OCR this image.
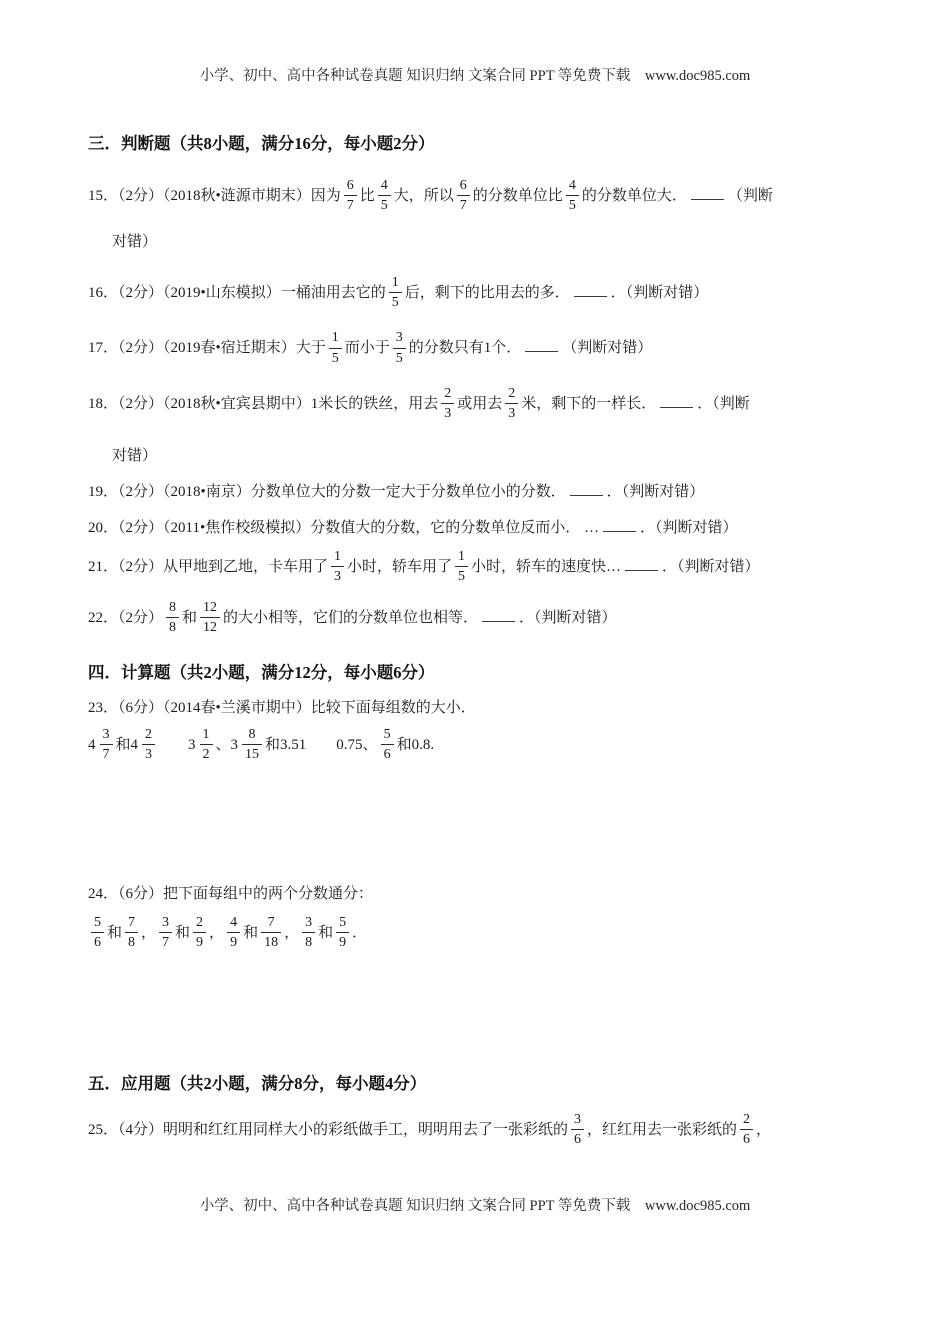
小学、初中、高中各种试卷真题 知识归纳 文案合同 PPT 等免费下载　www.doc985.com
三．判断题（共8小题，满分16分，每小题2分）

15．（2分）（2018秋•涟源市期末）因为 $\frac{6}{7}$ 比 $\frac{4}{5}$ 大，所以 $\frac{6}{7}$ 的分数单位比 $\frac{4}{5}$ 的分数单位大．	（判断

对错）

16．（2分）（2019•山东模拟）一桶油用去它的 $\frac{1}{5}$ 后，剩下的比用去的多．	．（判断对错）

17．（2分）（2019春•宿迁期末）大于 $\frac{1}{5}$ 而小于 $\frac{3}{5}$ 的分数只有1个．	（判断对错）

18．（2分）（2018秋•宜宾县期中）1米长的铁丝，用去 $\frac{2}{3}$ 或用去 $\frac{2}{3}$ 米，剩下的一样长．	．（判断

对错）

19．（2分）（2018•南京）分数单位大的分数一定大于分数单位小的分数．	．（判断对错）

20．（2分）（2011•焦作校级模拟）分数值大的分数，它的分数单位反而小． …	．（判断对错）

21．（2分）从甲地到乙地，卡车用了 $\frac{1}{3}$ 小时，轿车用了 $\frac{1}{5}$ 小时，轿车的速度快…	．（判断对错）

22．（2分） $\frac{8}{8}$ 和 $\frac{12}{12}$ 的大小相等，它们的分数单位也相等．	．（判断对错）

四．计算题（共2小题，满分12分，每小题6分）

23．（6分）（2014春•兰溪市期中）比较下面每组数的大小．

$4 \frac{3}{7}$ 和$4 \frac{2}{3}$
　　 $3 \frac{1}{2}$ 、$3 \frac{8}{15}$ 和3.51　　0.75、 $\frac{5}{6}$ 和0.8.

24．（6分）把下面每组中的两个分数通分：

$\frac{5}{6}$ 和 $\frac{7}{8}$ ， $\frac{3}{7}$ 和 $\frac{2}{9}$ ， $\frac{4}{9}$ 和 $\frac{7}{18}$ ， $\frac{3}{8}$ 和 $\frac{5}{9}$ ．

五．应用题（共2小题，满分8分，每小题4分）

25．（4分）明明和红红用同样大小的彩纸做手工，明明用去了一张彩纸的 $\frac{3}{6}$ ，红红用去一张彩纸的 $\frac{2}{6}$ ，

小学、初中、高中各种试卷真题 知识归纳 文案合同 PPT 等免费下载　www.doc985.com
